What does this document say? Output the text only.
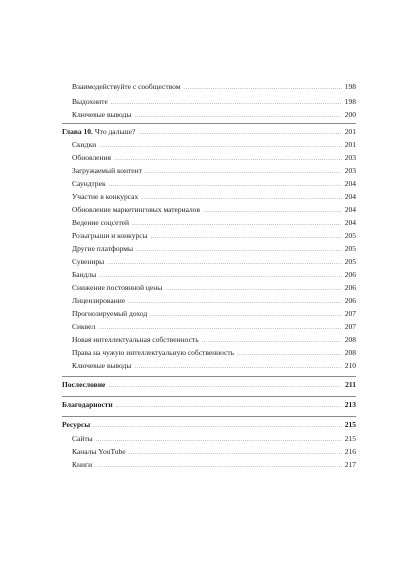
Взаимодействуйте с сообществом .....	198
Выдохните .....	198
Ключевые выводы .....	200
Глава 10. Что дальше? .....	201
Скидки .....	201
Обновления .....	203
Загружаемый контент .....	203
Саундтрек .....	204
Участие в конкурсах .....	204
Обновление маркетинговых материалов .....	204
Ведение соцсетей .....	204
Розыгрыши и конкурсы .....	205
Другие платформы .....	205
Сувениры .....	205
Бандлы .....	206
Снижение постоянной цены .....	206
Лицензирование .....	206
Прогнозируемый доход .....	207
Сиквел .....	207
Новая интеллектуальная собственность .....	208
Права на чужую интеллектуальную собственность .....	208
Ключевые выводы .....	210
Послесловие .....	211
Благодарности .....	213
Ресурсы .....	215
Сайты .....	215
Каналы YouTube .....	216
Книги .....	217
